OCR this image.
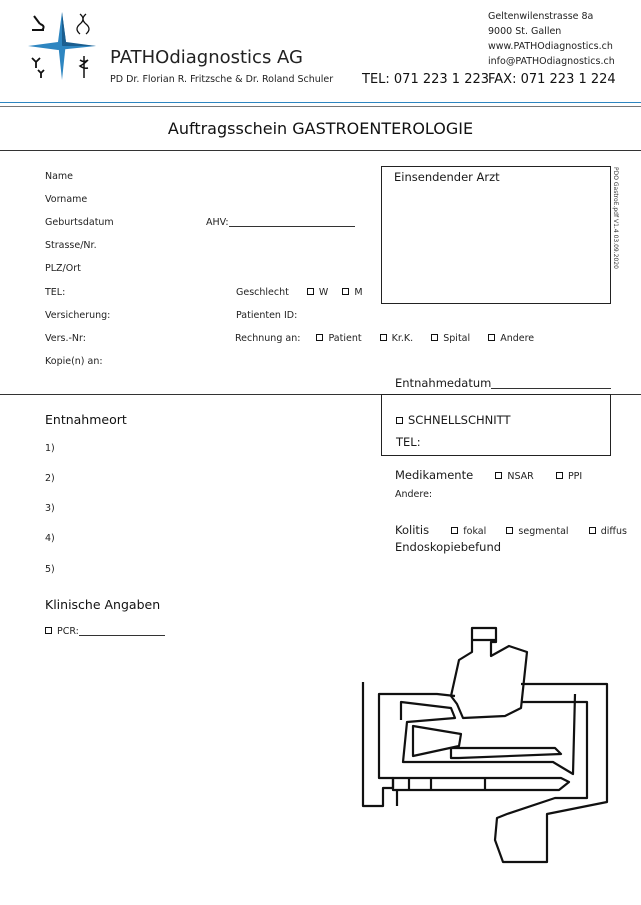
PATHOdiagnostics AG
PD Dr. Florian R. Fritzsche & Dr. Roland Schuler
Geltenwilenstrasse 8a
9000 St. Gallen
www.PATHOdiagnostics.ch
info@PATHOdiagnostics.ch
TEL: 071 223 1 223
FAX: 071 223 1 224
Auftragsschein GASTROENTEROLOGIE
PDO GastroE.pdf V1.4 03.09.2020
Name
Vorname
Geburtsdatum	AHV:
Strasse/Nr.
PLZ/Ort
TEL:	Geschlecht	W	M
Versicherung:	Patienten ID:
Vers.-Nr:	Rechnung an:	Patient	Kr.K.	Spital	Andere
Kopie(n) an:
Einsendender Arzt
Entnahmedatum
SCHNELLSCHNITT
TEL:
Entnahmeort
1)
2)
3)
4)
5)
Medikamente	NSAR	PPI
Andere:
Kolitis	fokal	segmental	diffus
Endoskopiebefund
Klinische Angaben
PCR:
